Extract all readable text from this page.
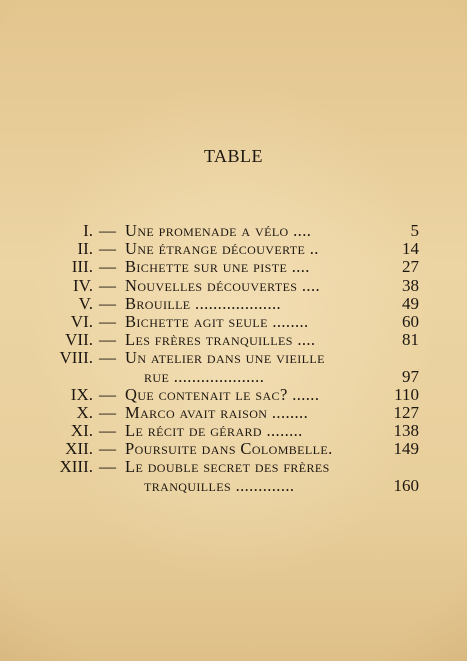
TABLE
I. — Une promenade a vélo ....	5
II. — Une étrange découverte ..	14
III. — Bichette sur une piste ....	27
IV. — Nouvelles découvertes ....	38
V. — Brouille ...................	49
VI. — Bichette agit seule ........	60
VII. — Les frères tranquilles ....	81
VIII. — Un atelier dans une vieille
rue ....................	97
IX. — Que contenait le sac? ......	110
X. — Marco avait raison ........	127
XI. — Le récit de gérard ........	138
XII. — Poursuite dans Colombelle.	149
XIII. — Le double secret des frères
tranquilles .............	160
